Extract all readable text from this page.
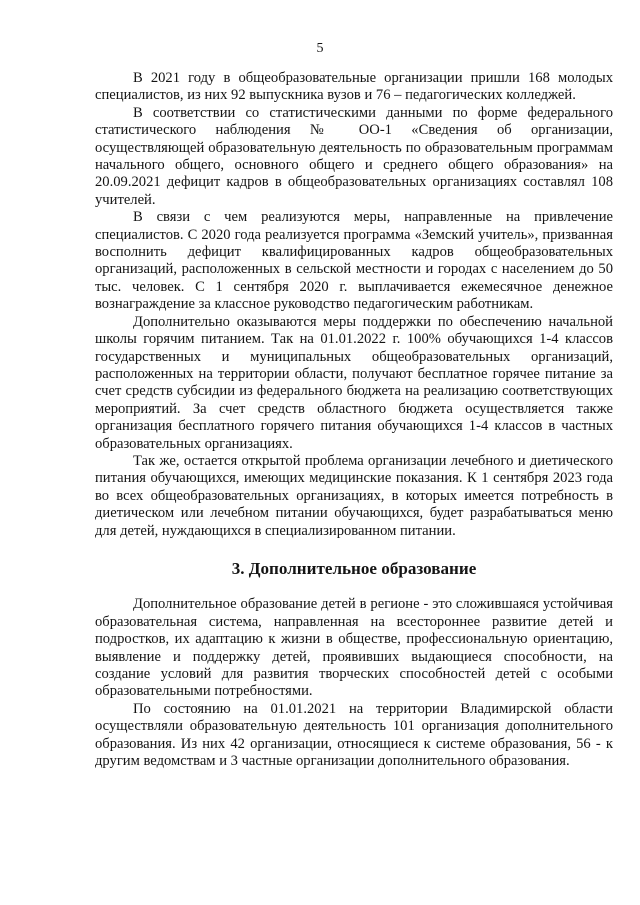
5

В 2021 году в общеобразовательные организации пришли 168 молодых специалистов, из них 92 выпускника вузов и 76 – педагогических колледжей.

В соответствии со статистическими данными по форме федерального статистического наблюдения № ОО-1 «Сведения об организации, осуществляющей образовательную деятельность по образовательным программам начального общего, основного общего и среднего общего образования» на 20.09.2021 дефицит кадров в общеобразовательных организациях составлял 108 учителей.

В связи с чем реализуются меры, направленные на привлечение специалистов. С 2020 года реализуется программа «Земский учитель», призванная восполнить дефицит квалифицированных кадров общеобразовательных организаций, расположенных в сельской местности и городах с населением до 50 тыс. человек. С 1 сентября 2020 г. выплачивается ежемесячное денежное вознаграждение за классное руководство педагогическим работникам.

Дополнительно оказываются меры поддержки по обеспечению начальной школы горячим питанием. Так на 01.01.2022 г. 100% обучающихся 1-4 классов государственных и муниципальных общеобразовательных организаций, расположенных на территории области, получают бесплатное горячее питание за счет средств субсидии из федерального бюджета на реализацию соответствующих мероприятий. За счет средств областного бюджета осуществляется также организация бесплатного горячего питания обучающихся 1-4 классов в частных образовательных организациях.

Так же, остается открытой проблема организации лечебного и диетического питания обучающихся, имеющих медицинские показания. К 1 сентября 2023 года во всех общеобразовательных организациях, в которых имеется потребность в диетическом или лечебном питании обучающихся, будет разрабатываться меню для детей, нуждающихся в специализированном питании.

3. Дополнительное образование

Дополнительное образование детей в регионе - это сложившаяся устойчивая образовательная система, направленная на всестороннее развитие детей и подростков, их адаптацию к жизни в обществе, профессиональную ориентацию, выявление и поддержку детей, проявивших выдающиеся способности, на создание условий для развития творческих способностей детей с особыми образовательными потребностями.

По состоянию на 01.01.2021 на территории Владимирской области осуществляли образовательную деятельность 101 организация дополнительного образования. Из них 42 организации, относящиеся к системе образования, 56 - к другим ведомствам и 3 частные организации дополнительного образования.
